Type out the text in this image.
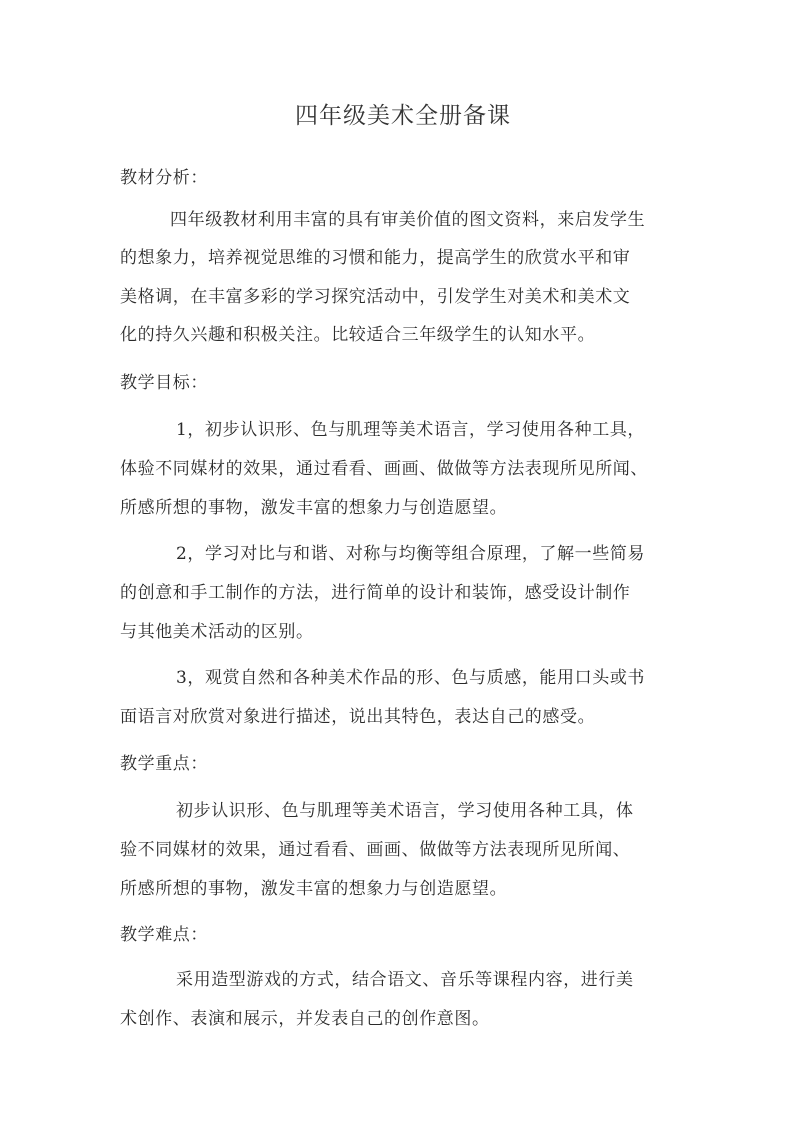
四年级美术全册备课
教材分析：
四年级教材利用丰富的具有审美价值的图文资料，来启发学生
的想象力，培养视觉思维的习惯和能力，提高学生的欣赏水平和审
美格调，在丰富多彩的学习探究活动中，引发学生对美术和美术文
化的持久兴趣和积极关注。比较适合三年级学生的认知水平。
教学目标：
1，初步认识形、色与肌理等美术语言，学习使用各种工具，
体验不同媒材的效果，通过看看、画画、做做等方法表现所见所闻、
所感所想的事物，激发丰富的想象力与创造愿望。
2，学习对比与和谐、对称与均衡等组合原理，了解一些简易
的创意和手工制作的方法，进行简单的设计和装饰，感受设计制作
与其他美术活动的区别。
3，观赏自然和各种美术作品的形、色与质感，能用口头或书
面语言对欣赏对象进行描述，说出其特色，表达自己的感受。
教学重点：
初步认识形、色与肌理等美术语言，学习使用各种工具，体
验不同媒材的效果，通过看看、画画、做做等方法表现所见所闻、
所感所想的事物，激发丰富的想象力与创造愿望。
教学难点：
采用造型游戏的方式，结合语文、音乐等课程内容，进行美
术创作、表演和展示，并发表自己的创作意图。
